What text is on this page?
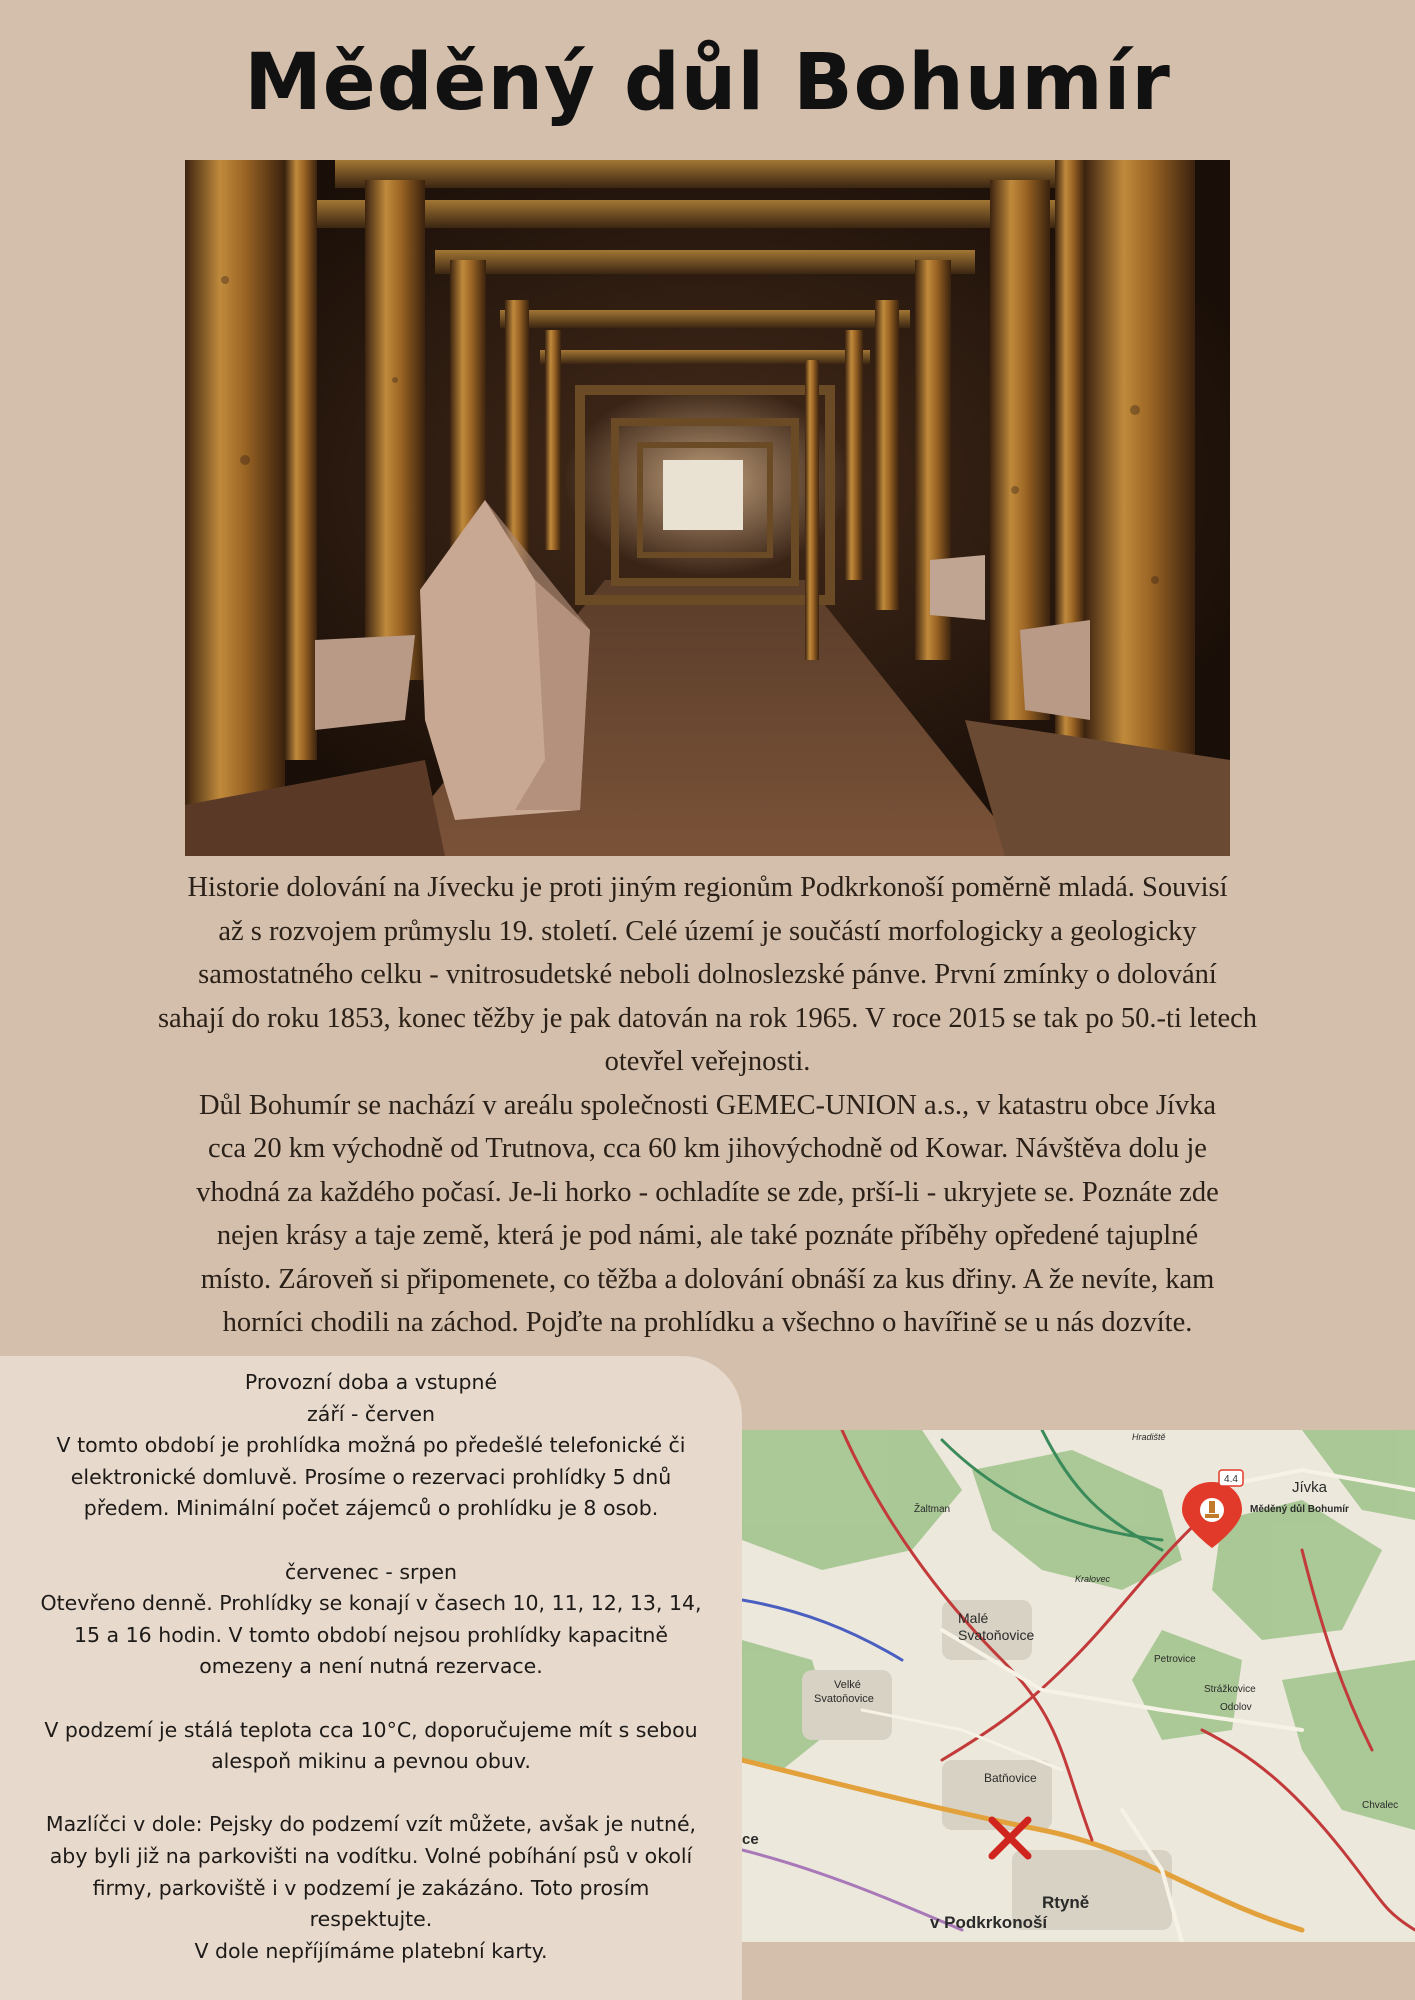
Měděný důl Bohumír

Historie dolování na Jívecku je proti jiným regionům Podkrkonoší poměrně mladá. Souvisí
až s rozvojem průmyslu 19. století. Celé území je součástí morfologicky a geologicky
samostatného celku - vnitrosudetské neboli dolnoslezské pánve. První zmínky o dolování
sahají do roku 1853, konec těžby je pak datován na rok 1965. V roce 2015 se tak po 50.-ti letech
otevřel veřejnosti.

Důl Bohumír se nachází v areálu společnosti GEMEC-UNION a.s., v katastru obce Jívka
cca 20 km východně od Trutnova, cca 60 km jihovýchodně od Kowar. Návštěva dolu je
vhodná za každého počasí. Je-li horko - ochladíte se zde, prší-li - ukryjete se. Poznáte zde
nejen krásy a taje země, která je pod námi, ale také poznáte příběhy opředené tajuplné
místo. Zároveň si připomenete, co těžba a dolování obnáší za kus dřiny. A že nevíte, kam
horníci chodili na záchod. Pojďte na prohlídku a všechno o havířině se u nás dozvíte.

Provozní doba a vstupné
září - červen
V tomto období je prohlídka možná po předešlé telefonické či
elektronické domluvě. Prosíme o rezervaci prohlídky 5 dnů
předem. Minimální počet zájemců o prohlídku je 8 osob.
červenec - srpen
Otevřeno denně. Prohlídky se konají v časech 10, 11, 12, 13, 14,
15 a 16 hodin. V tomto období nejsou prohlídky kapacitně
omezeny a není nutná rezervace.
V podzemí je stálá teplota cca 10°C, doporučujeme mít s sebou
alespoň mikinu a pevnou obuv.
Mazlíčci v dole: Pejsky do podzemí vzít můžete, avšak je nutné,
aby byli již na parkovišti na vodítku. Volné pobíhání psů v okolí
firmy, parkoviště i v podzemí je zakázáno. Toto prosím
respektujte.
V dole nepříjímáme platební karty.
4.4	Jívka
Měděný důl Bohumír
Malé
Svatoňovice
Velké
Svatoňovice
Batňovice
Petrovice
Strážkovice
Odolov
Chvalec
Žaltman
Hradiště
Kralovec
ce
Rtyně
v Podkrkonoší
